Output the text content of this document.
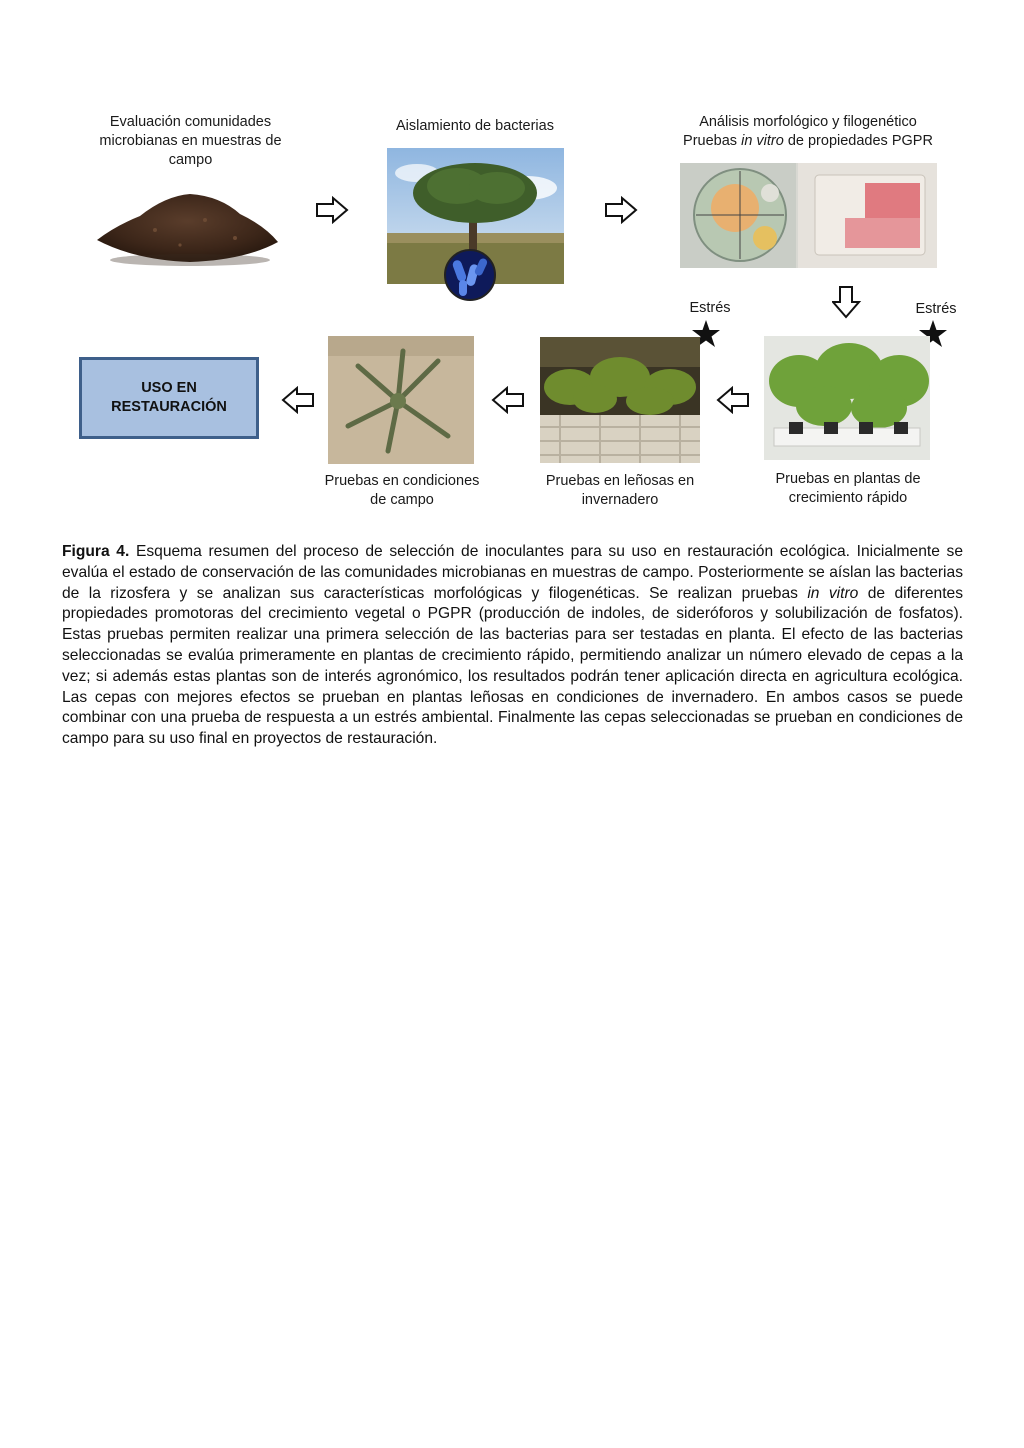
Evaluación comunidades microbianas en muestras de campo
Aislamiento de bacterias	Análisis morfológico y filogenético
Pruebas in vitro de propiedades PGPR
Estrés	Estrés
USO EN RESTAURACIÓN
Pruebas en condiciones de campo
Pruebas en leñosas en invernadero
Pruebas en plantas de crecimiento rápido
Figura 4. Esquema resumen del proceso de selección de inoculantes para su uso en restauración ecológica. Inicialmente se evalúa el estado de conservación de las comunidades microbianas en muestras de campo. Posteriormente se aíslan las bacterias de la rizosfera y se analizan sus características morfológicas y filogenéticas. Se realizan pruebas in vitro de diferentes propiedades promotoras del crecimiento vegetal o PGPR (producción de indoles, de sideróforos y solubilización de fosfatos). Estas pruebas permiten realizar una primera selección de las bacterias para ser testadas en planta. El efecto de las bacterias seleccionadas se evalúa primeramente en plantas de crecimiento rápido, permitiendo analizar un número elevado de cepas a la vez; si además estas plantas son de interés agronómico, los resultados podrán tener aplicación directa en agricultura ecológica. Las cepas con mejores efectos se prueban en plantas leñosas en condiciones de invernadero. En ambos casos se puede combinar con una prueba de respuesta a un estrés ambiental. Finalmente las cepas seleccionadas se prueban en condiciones de campo para su uso final en proyectos de restauración.
